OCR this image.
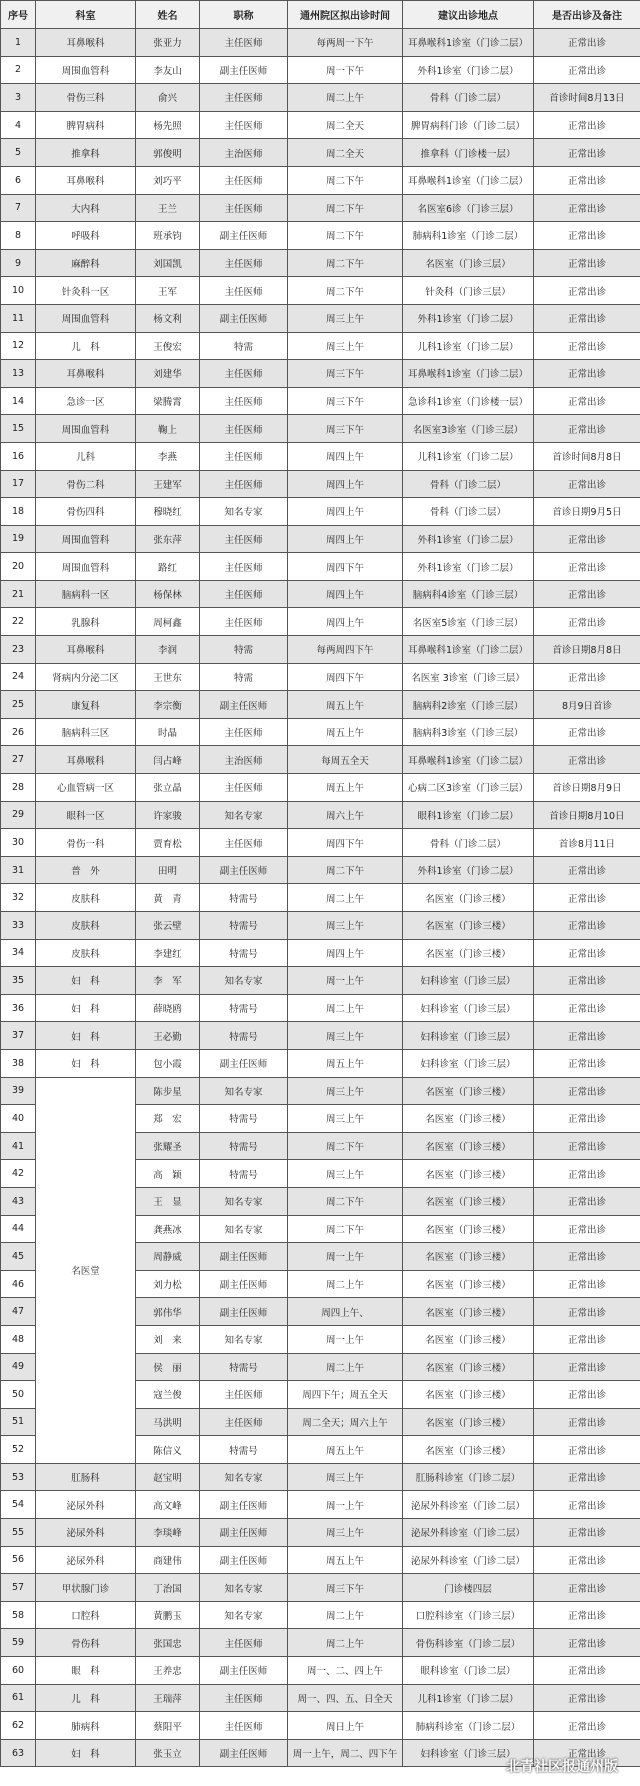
序号	科室	姓名	职称	通州院区拟出诊时间	建议出诊地点	是否出诊及备注
1	耳鼻喉科	张亚力	主任医师	每两周一下午	耳鼻喉科1诊室（门诊二层）	正常出诊
2	周围血管科	李友山	副主任医师	周一下午	外科1诊室（门诊二层）	正常出诊
3	骨伤三科	俞兴	主任医师	周二上午	骨科（门诊二层）	首诊时间8月13日
4	脾胃病科	杨先照	主任医师	周二全天	脾胃病科门诊（门诊二层）	正常出诊
5	推拿科	郭俊明	主治医师	周二全天	推拿科（门诊楼一层）	正常出诊
6	耳鼻喉科	刘巧平	主任医师	周二下午	耳鼻喉科1诊室（门诊二层）	正常出诊
7	大内科	王兰	主任医师	周二下午	名医室6诊（门诊三层）	正常出诊
8	呼吸科	班承钧	副主任医师	周二下午	肺病科1诊室（门诊二层）	正常出诊
9	麻醉科	刘国凯	主任医师	周二下午	名医室（门诊三层）	正常出诊
10	针灸科一区	王军	主任医师	周二下午	针灸科（门诊三层）	正常出诊
11	周围血管科	杨文利	副主任医师	周三上午	外科1诊室（门诊二层）	正常出诊
12	儿　科	王俊宏	特需	周三上午	儿科1诊室（门诊二层）	正常出诊
13	耳鼻喉科	刘建华	主任医师	周三下午	耳鼻喉科1诊室（门诊二层）	正常出诊
14	急诊一区	梁腾霄	主任医师	周三下午	急诊科1诊室（门诊楼一层）	正常出诊
15	周围血管科	鞠上	主任医师	周三下午	名医室3诊室（门诊三层）	正常出诊
16	儿科	李燕	主任医师	周四上午	儿科1诊室（门诊二层）	首诊时间8月8日
17	骨伤二科	王建军	主任医师	周四上午	骨科（门诊二层）	正常出诊
18	骨伤四科	穆晓红	知名专家	周四上午	骨科（门诊二层）	首诊日期9月5日
19	周围血管科	张东萍	主任医师	周四上午	外科1诊室（门诊二层）	正常出诊
20	周围血管科	路红	主任医师	周四下午	外科1诊室（门诊二层）	正常出诊
21	脑病科一区	杨保林	主任医师	周四上午	脑病科4诊室（门诊三层）	正常出诊
22	乳腺科	周柯鑫	主任医师	周四上午	名医室5诊室（门诊三层）	正常出诊
23	耳鼻喉科	李润	特需	每两周四下午	耳鼻喉科1诊室（门诊二层）	首诊日期8月8日
24	肾病内分泌二区	王世东	特需	周四下午	名医室 3诊室（门诊三层）	正常出诊
25	康复科	李宗衡	副主任医师	周五上午	脑病科2诊室（门诊三层）	8月9日首诊
26	脑病科三区	时晶	主任医师	周五上午	脑病科3诊室（门诊三层）	正常出诊
27	耳鼻喉科	闫占峰	主治医师	每周五全天	耳鼻喉科1诊室（门诊二层）	正常出诊
28	心血管病一区	张立晶	主任医师	周五上午	心病二区3诊室（门诊三层）	首诊日期8月9日
29	眼科一区	许家骏	知名专家	周六上午	眼科1诊室（门诊二层）	首诊日期8月10日
30	骨伤一科	贾育松	主任医师	周四下午	骨科（门诊二层）	首诊8月11日
31	普　外	田明	副主任医师	周二下午	外科1诊室（门诊二层）	正常出诊
32	皮肤科	黄　青	特需号	周二上午	名医室（门诊三楼）	正常出诊
33	皮肤科	张云壁	特需号	周三上午	名医室（门诊三楼）	正常出诊
34	皮肤科	李建红	特需号	周四上午	名医室（门诊三楼）	正常出诊
35	妇　科	李　军	知名专家	周一上午	妇科诊室（门诊三层）	正常出诊
36	妇　科	薛晓鸥	特需号	周二上午	妇科诊室（门诊三层）	正常出诊
37	妇　科	王必勤	特需号	周三上午	妇科诊室（门诊三层）	正常出诊
38	妇　科	包小霞	副主任医师	周五上午	妇科诊室（门诊三层）	正常出诊
39	名医堂	陈步星	知名专家	周三上午	名医室（门诊三楼）	正常出诊
40		郑　宏	特需号	周三上午	名医室（门诊三楼）	正常出诊
41		张耀圣	特需号	周二下午	名医室（门诊三楼）	正常出诊
42		高　颖	特需号	周三上午	名医室（门诊三楼）	正常出诊
43		王　显	知名专家	周二下午	名医室（门诊三楼）	正常出诊
44		龚燕冰	知名专家	周二下午	名医室（门诊三楼）	正常出诊
45		周静威	副主任医师	周一上午	名医室（门诊三楼）	正常出诊
46		刘力松	副主任医师	周二上午	名医室（门诊三楼）	正常出诊
47		郭伟华	副主任医师	周四上午、	名医室（门诊三楼）	正常出诊
48		刘　来	知名专家	周一上午	名医室（门诊三楼）	正常出诊
49		侯　丽	特需号	周二上午	名医室（门诊三楼）	正常出诊
50		寇兰俊	主任医师	周四下午；周五全天	名医室（门诊三楼）	正常出诊
51		马洪明	主任医师	周二全天；周六上午	名医室（门诊三楼）	正常出诊
52		陈信义	特需号	周五上午	名医室（门诊三楼）	正常出诊
53	肛肠科	赵宝明	知名专家	周三上午	肛肠科诊室（门诊二层）	正常出诊
54	泌尿外科	高文峰	副主任医师	周一上午	泌尿外科诊室（门诊二层）	正常出诊
55	泌尿外科	李琰峰	副主任医师	周三上午	泌尿外科诊室（门诊二层）	正常出诊
56	泌尿外科	商建伟	副主任医师	周五上午	泌尿外科诊室（门诊二层）	正常出诊
57	甲状腺门诊	丁治国	知名专家	周三下午	门诊楼四层	正常出诊
58	口腔科	黄鹏玉	知名专家	周二上午	口腔科诊室（门诊三层）	正常出诊
59	骨伤科	张国忠	主任医师	周二上午	骨伤科诊室（门诊二层）	正常出诊
60	眼　科	王养忠	副主任医师	周一、二、四上午	眼科诊室（门诊二层）	正常出诊
61	儿　科	王瑞萍	主任医师	周一、四、五、日全天	儿科1诊室（门诊二层）	正常出诊
62	肺病科	蔡阳平	主任医师	周日上午	肺病科诊室（门诊二层）	正常出诊
63	妇　科	张玉立	副主任医师	周一上午，周二、四下午	妇科诊室（门诊三层）	正常出诊
北青社区报通州版
